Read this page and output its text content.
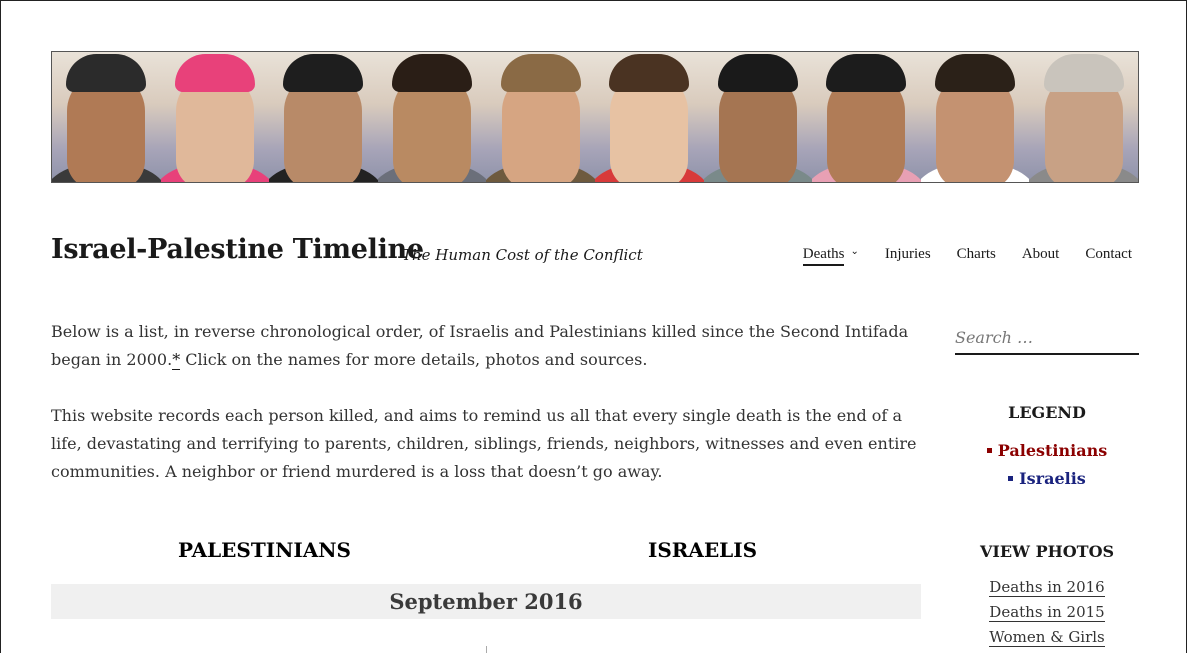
Israel-Palestine Timeline
The Human Cost of the Conflict	Deaths ⌄ Injuries Charts About Contact

Below is a list, in reverse chronological order, of Israelis and Palestinians killed since the Second Intifada began in 2000.* Click on the names for more details, photos and sources.

This website records each person killed, and aims to remind us all that every single death is the end of a life, devastating and terrifying to parents, children, siblings, friends, neighbors, witnesses and even entire communities. A neighbor or friend murdered is a loss that doesn’t go away.

PALESTINIANS	ISRAELIS
September 2016
Search …
LEGEND
Palestinians
Israelis
VIEW PHOTOS
Deaths in 2016
Deaths in 2015
Women & Girls
